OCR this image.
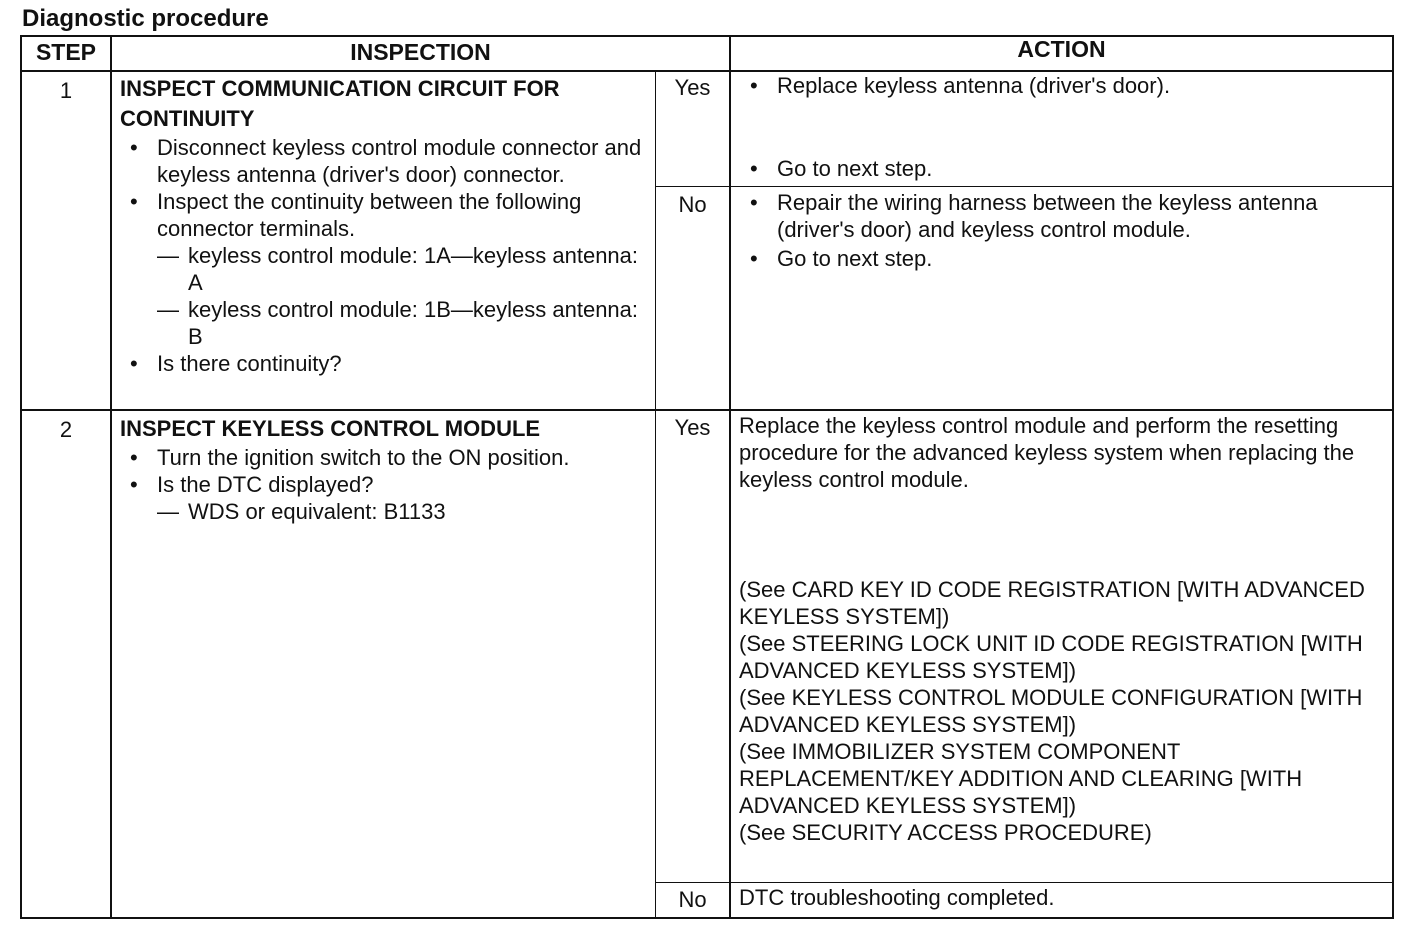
Diagnostic procedure
STEP	INSPECTION	ACTION
1	INSPECT COMMUNICATION CIRCUIT FOR CONTINUITY
• Disconnect keyless control module connector and keyless antenna (driver's door) connector.
• Inspect the continuity between the following connector terminals.
— keyless control module: 1A—keyless antenna: A
— keyless control module: 1B—keyless antenna: B
• Is there continuity?
Yes	• Replace keyless antenna (driver's door).
• Go to next step.
No	• Repair the wiring harness between the keyless antenna (driver's door) and keyless control module.
• Go to next step.
2	INSPECT KEYLESS CONTROL MODULE
• Turn the ignition switch to the ON position.
• Is the DTC displayed?
— WDS or equivalent: B1133
Yes	Replace the keyless control module and perform the resetting procedure for the advanced keyless system when replacing the keyless control module.
(See CARD KEY ID CODE REGISTRATION [WITH ADVANCED KEYLESS SYSTEM])
(See STEERING LOCK UNIT ID CODE REGISTRATION [WITH ADVANCED KEYLESS SYSTEM])
(See KEYLESS CONTROL MODULE CONFIGURATION [WITH ADVANCED KEYLESS SYSTEM])
(See IMMOBILIZER SYSTEM COMPONENT REPLACEMENT/KEY ADDITION AND CLEARING [WITH ADVANCED KEYLESS SYSTEM])
(See SECURITY ACCESS PROCEDURE)
No	DTC troubleshooting completed.
